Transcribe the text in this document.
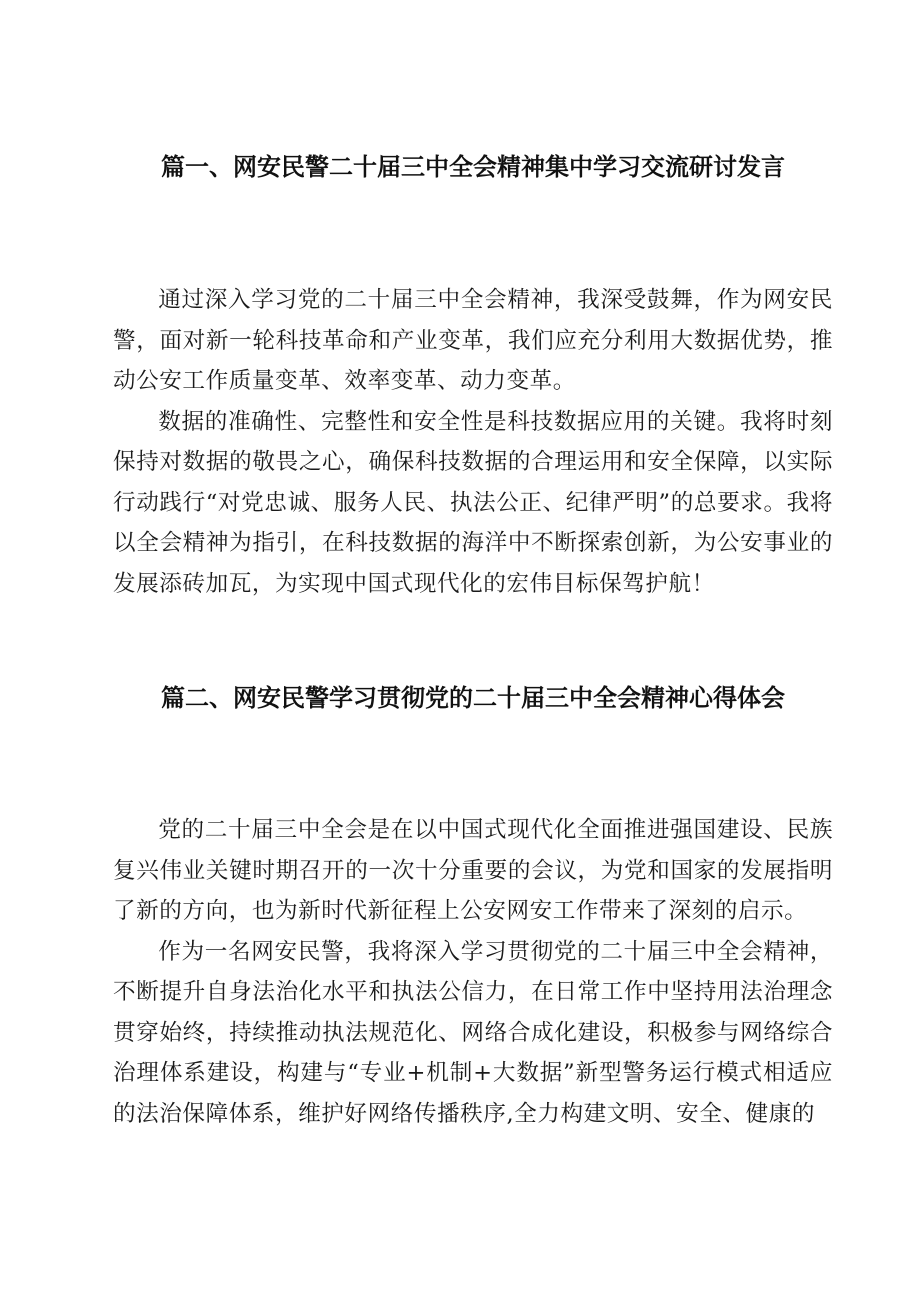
篇一、网安民警二十届三中全会精神集中学习交流研讨发言

通过深入学习党的二十届三中全会精神，我深受鼓舞，作为网安民警，面对新一轮科技革命和产业变革，我们应充分利用大数据优势，推动公安工作质量变革、效率变革、动力变革。

数据的准确性、完整性和安全性是科技数据应用的关键。我将时刻保持对数据的敬畏之心，确保科技数据的合理运用和安全保障，以实际行动践行“对党忠诚、服务人民、执法公正、纪律严明”的总要求。我将以全会精神为指引，在科技数据的海洋中不断探索创新，为公安事业的发展添砖加瓦，为实现中国式现代化的宏伟目标保驾护航！

篇二、网安民警学习贯彻党的二十届三中全会精神心得体会

党的二十届三中全会是在以中国式现代化全面推进强国建设、民族复兴伟业关键时期召开的一次十分重要的会议，为党和国家的发展指明了新的方向，也为新时代新征程上公安网安工作带来了深刻的启示。

作为一名网安民警，我将深入学习贯彻党的二十届三中全会精神，不断提升自身法治化水平和执法公信力，在日常工作中坚持用法治理念贯穿始终，持续推动执法规范化、网络合成化建设，积极参与网络综合治理体系建设，构建与“专业+机制+大数据”新型警务运行模式相适应的法治保障体系，维护好网络传播秩序,全力构建文明、安全、健康的
